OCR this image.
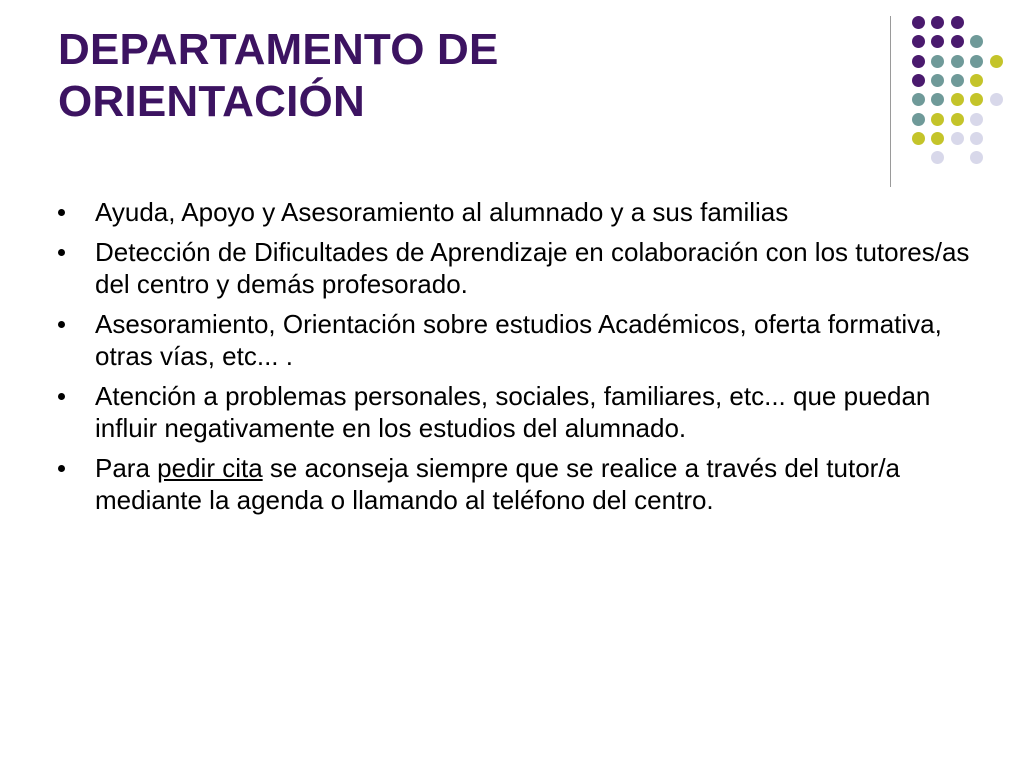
DEPARTAMENTO DE
ORIENTACIÓN
Ayuda, Apoyo y Asesoramiento al alumnado y a sus familias
Detección de Dificultades de Aprendizaje en colaboración con los tutores/as del centro y demás profesorado.
Asesoramiento, Orientación sobre estudios Académicos, oferta formativa, otras vías, etc... .
Atención a problemas personales, sociales, familiares, etc... que puedan influir negativamente en los estudios del alumnado.
Para pedir cita se aconseja siempre que se realice a través del tutor/a mediante la agenda o llamando al teléfono del centro.
